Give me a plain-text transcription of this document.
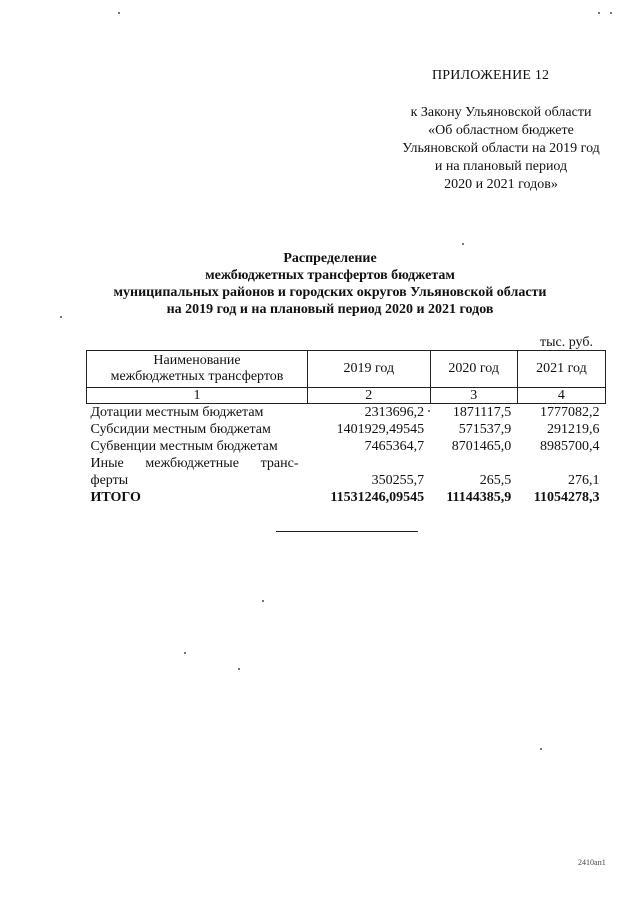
ПРИЛОЖЕНИЕ 12
к Закону Ульяновской области
«Об областном бюджете
Ульяновской области на 2019 год
и на плановый период
2020 и 2021 годов»
Распределение
межбюджетных трансфертов бюджетам
муниципальных районов и городских округов Ульяновской области
на 2019 год и на плановый период 2020 и 2021 годов
тыс. руб.
Наименование
межбюджетных трансфертов	2019 год	2020 год	2021 год
1	2	3	4
Дотации местным бюджетам	2313696,2	1871117,5	1777082,2
Субсидии местным бюджетам	1401929,49545	571537,9	291219,6
Субвенции местным бюджетам	7465364,7	8701465,0	8985700,4

Иные межбюджетные транс-
ферты	350255,7	265,5	276,1
ИТОГО	11531246,09545	11144385,9	11054278,3
2410ап1
